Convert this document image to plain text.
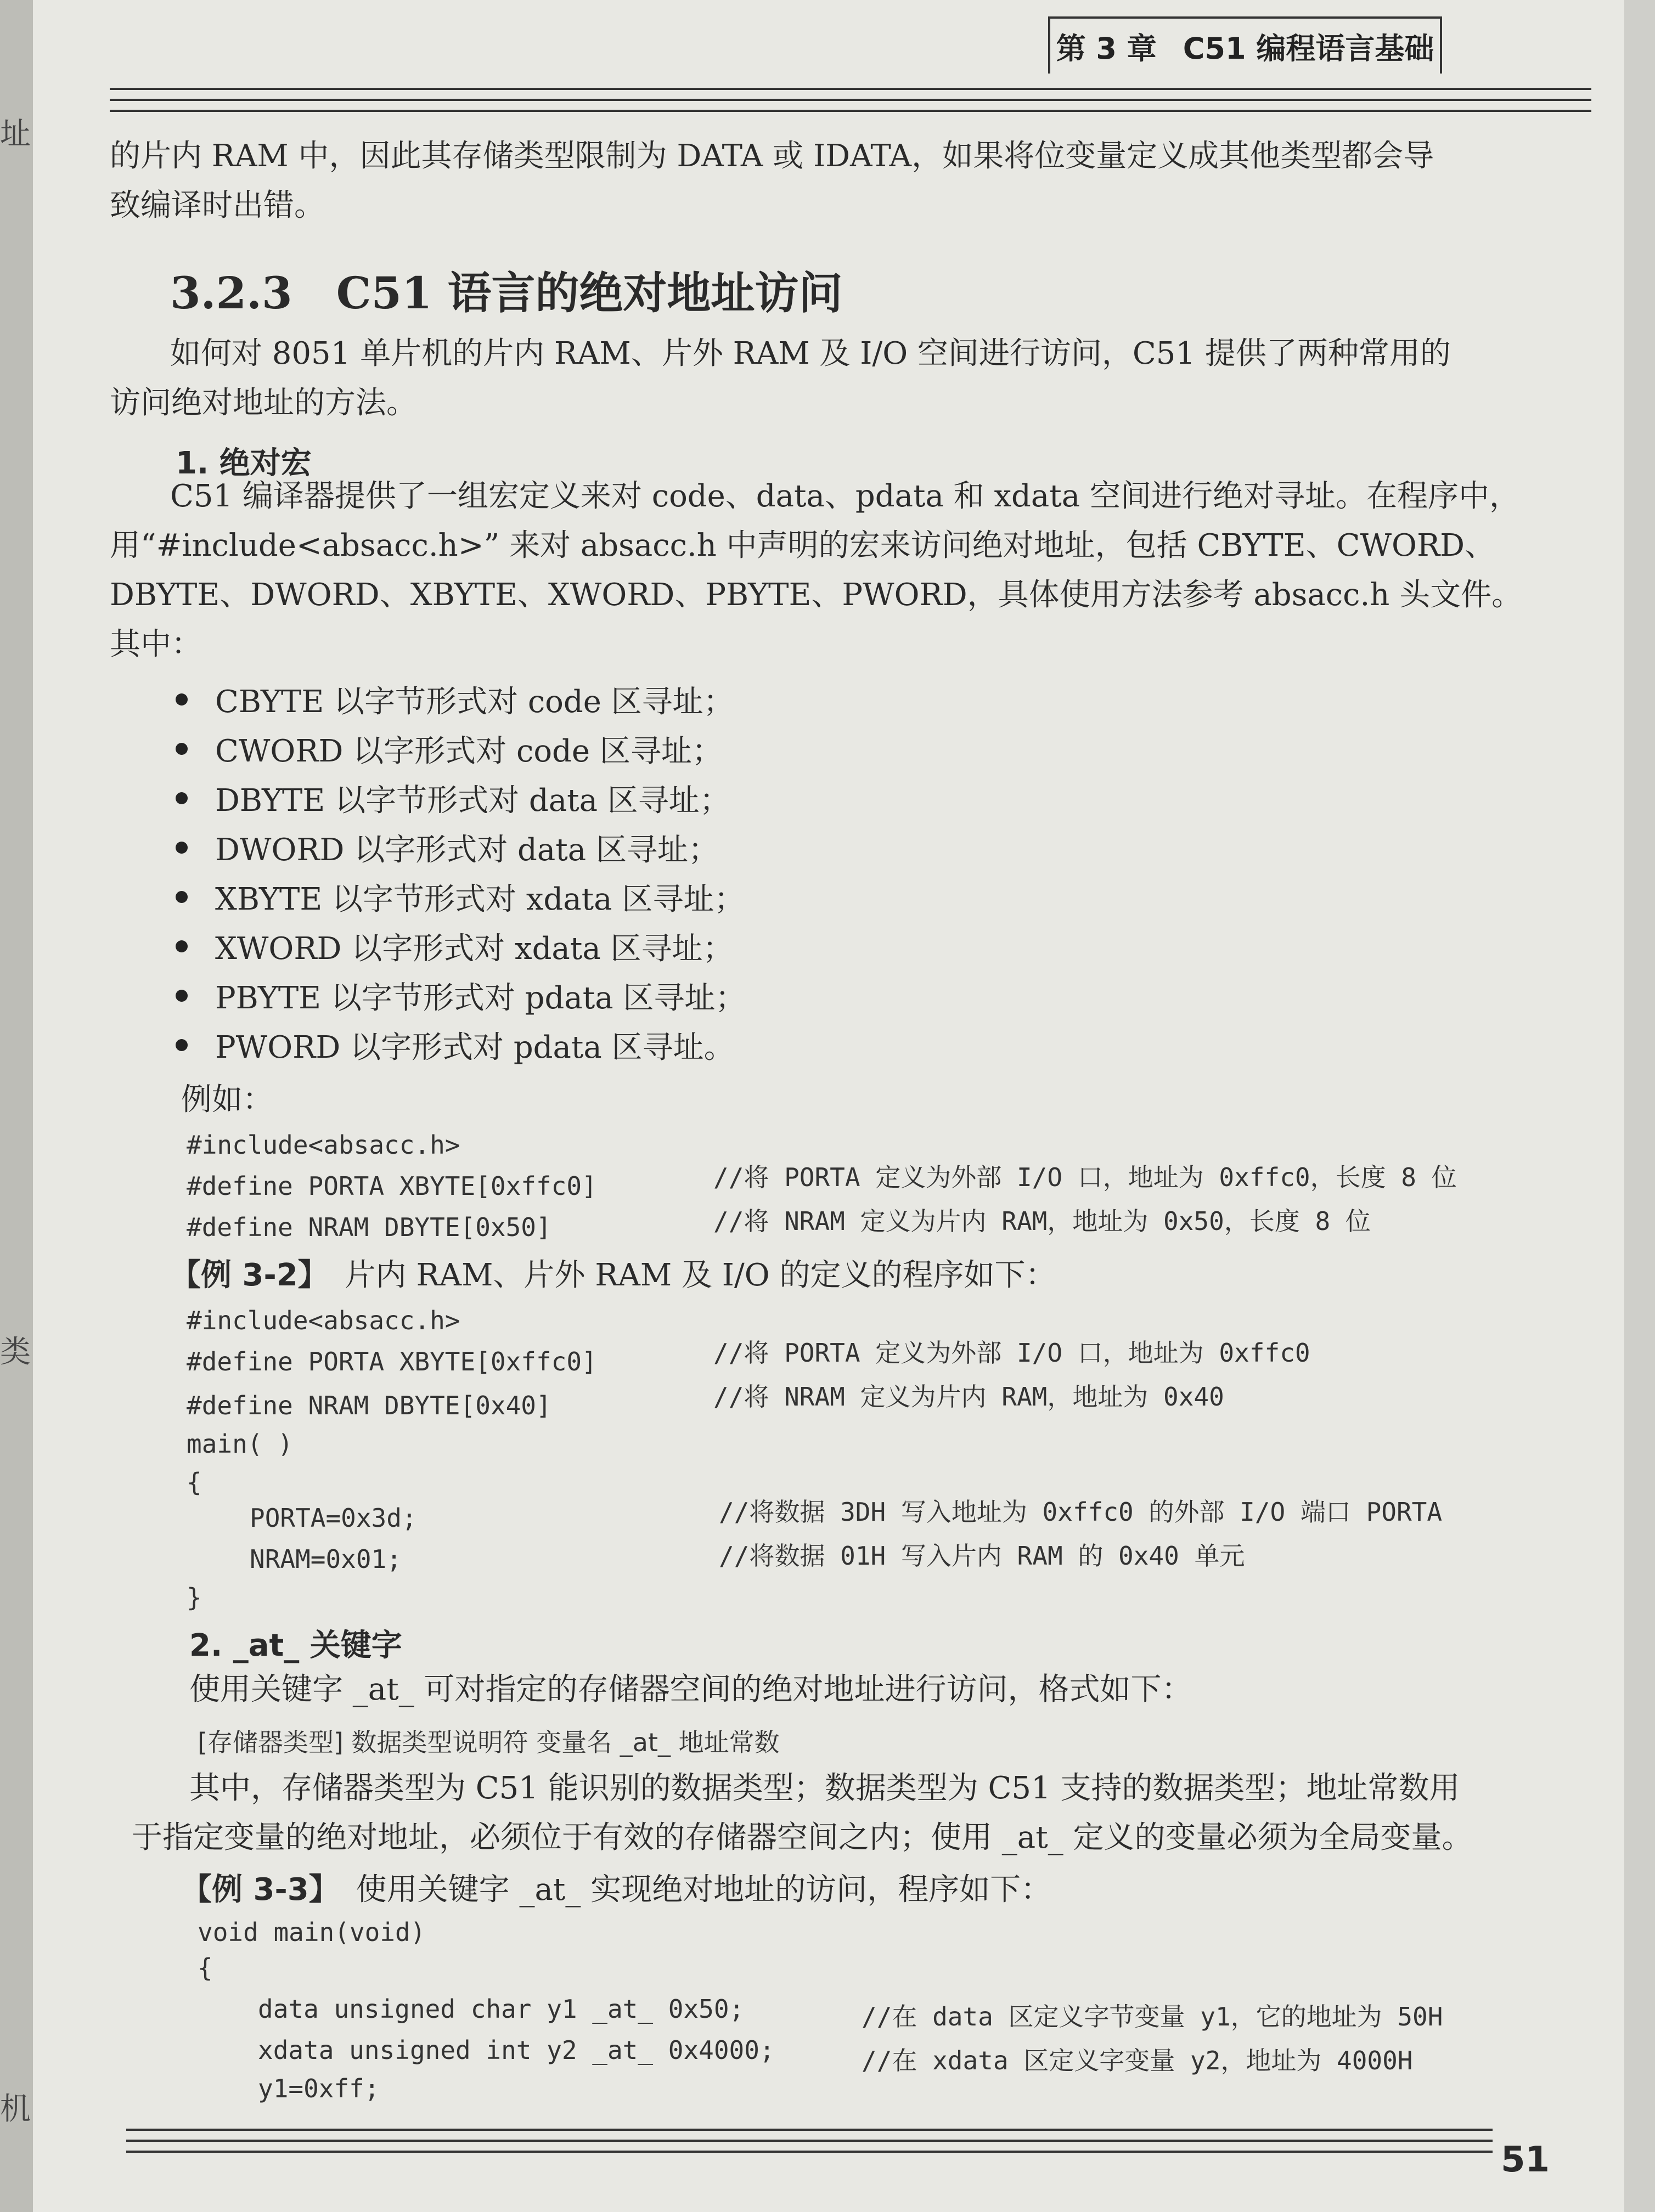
址
类
机
第 3 章 C51 编程语言基础
的片内 RAM 中，因此其存储类型限制为 DATA 或 IDATA，如果将位变量定义成其他类型都会导
致编译时出错。
3.2.3 C51 语言的绝对地址访问
如何对 8051 单片机的片内 RAM、片外 RAM 及 I/O 空间进行访问，C51 提供了两种常用的
访问绝对地址的方法。
1. 绝对宏
C51 编译器提供了一组宏定义来对 code、data、pdata 和 xdata 空间进行绝对寻址。在程序中，
用“#include<absacc.h>” 来对 absacc.h 中声明的宏来访问绝对地址，包括 CBYTE、CWORD、
DBYTE、DWORD、XBYTE、XWORD、PBYTE、PWORD，具体使用方法参考 absacc.h 头文件。
其中：
CBYTE 以字节形式对 code 区寻址；
CWORD 以字形式对 code 区寻址；
DBYTE 以字节形式对 data 区寻址；
DWORD 以字形式对 data 区寻址；
XBYTE 以字节形式对 xdata 区寻址；
XWORD 以字形式对 xdata 区寻址；
PBYTE 以字节形式对 pdata 区寻址；
PWORD 以字形式对 pdata 区寻址。
例如：
#include<absacc.h>
#define PORTA XBYTE[0xffc0]	//将 PORTA 定义为外部 I/O 口，地址为 0xffc0，长度 8 位
#define NRAM DBYTE[0x50]	//将 NRAM 定义为片内 RAM，地址为 0x50，长度 8 位
【例 3-2】 片内 RAM、片外 RAM 及 I/O 的定义的程序如下：
#include<absacc.h>
#define PORTA XBYTE[0xffc0]	//将 PORTA 定义为外部 I/O 口，地址为 0xffc0
#define NRAM DBYTE[0x40]	//将 NRAM 定义为片内 RAM，地址为 0x40
main( )
{
PORTA=0x3d;	//将数据 3DH 写入地址为 0xffc0 的外部 I/O 端口 PORTA
NRAM=0x01;	//将数据 01H 写入片内 RAM 的 0x40 单元
}
2. _at_ 关键字
使用关键字 _at_ 可对指定的存储器空间的绝对地址进行访问，格式如下：
[存储器类型] 数据类型说明符 变量名 _at_ 地址常数
其中，存储器类型为 C51 能识别的数据类型；数据类型为 C51 支持的数据类型；地址常数用
于指定变量的绝对地址，必须位于有效的存储器空间之内；使用 _at_ 定义的变量必须为全局变量。
【例 3-3】 使用关键字 _at_ 实现绝对地址的访问，程序如下：
void main(void)
{
data unsigned char y1 _at_ 0x50;	//在 data 区定义字节变量 y1，它的地址为 50H
xdata unsigned int y2 _at_ 0x4000;	//在 xdata 区定义字变量 y2，地址为 4000H
y1=0xff;
51
